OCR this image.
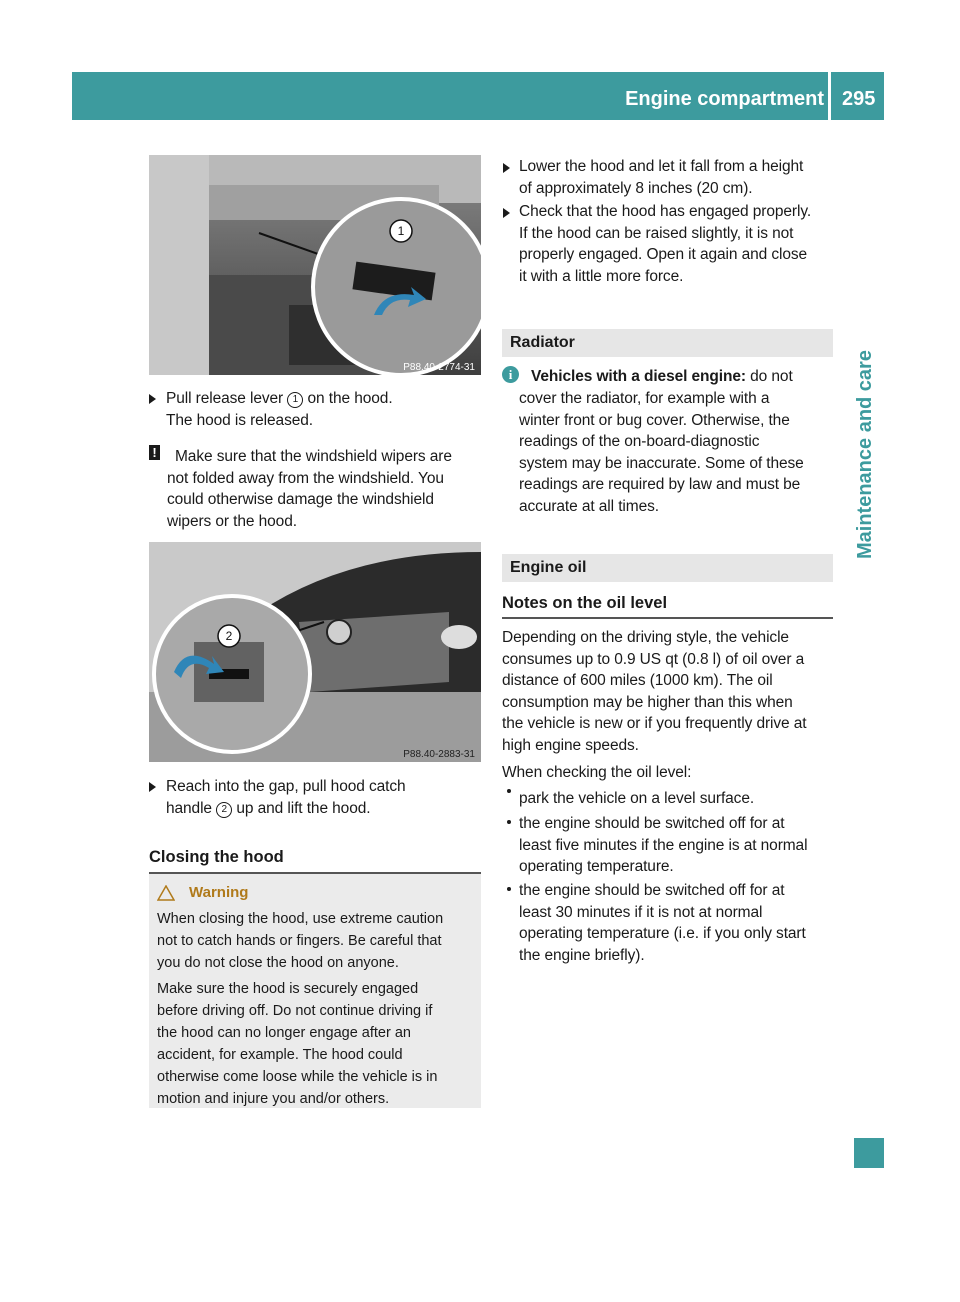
Engine compartment 295
Maintenance and care
1
P88.40-2774-31
Pull release lever 1 on the hood.
The hood is released.
!	Make sure that the windshield wipers are
not folded away from the windshield. You
could otherwise damage the windshield
wipers or the hood.
2
P88.40-2883-31
Reach into the gap, pull hood catch
handle 2 up and lift the hood.
Closing the hood
Warning
When closing the hood, use extreme caution
not to catch hands or fingers. Be careful that
you do not close the hood on anyone.
Make sure the hood is securely engaged
before driving off. Do not continue driving if
the hood can no longer engage after an
accident, for example. The hood could
otherwise come loose while the vehicle is in
motion and injure you and/or others.
Lower the hood and let it fall from a height
of approximately 8 inches (20 cm).
Check that the hood has engaged properly.
If the hood can be raised slightly, it is not
properly engaged. Open it again and close
it with a little more force.
Radiator
i	Vehicles with a diesel engine: do not
cover the radiator, for example with a
winter front or bug cover. Otherwise, the
readings of the on-board-diagnostic
system may be inaccurate. Some of these
readings are required by law and must be
accurate at all times.
Engine oil
Notes on the oil level
Depending on the driving style, the vehicle
consumes up to 0.9 US qt (0.8 l) of oil over a
distance of 600 miles (1000 km). The oil
consumption may be higher than this when
the vehicle is new or if you frequently drive at
high engine speeds.
When checking the oil level:
park the vehicle on a level surface.
the engine should be switched off for at
least five minutes if the engine is at normal
operating temperature.
the engine should be switched off for at
least 30 minutes if it is not at normal
operating temperature (i.e. if you only start
the engine briefly).
